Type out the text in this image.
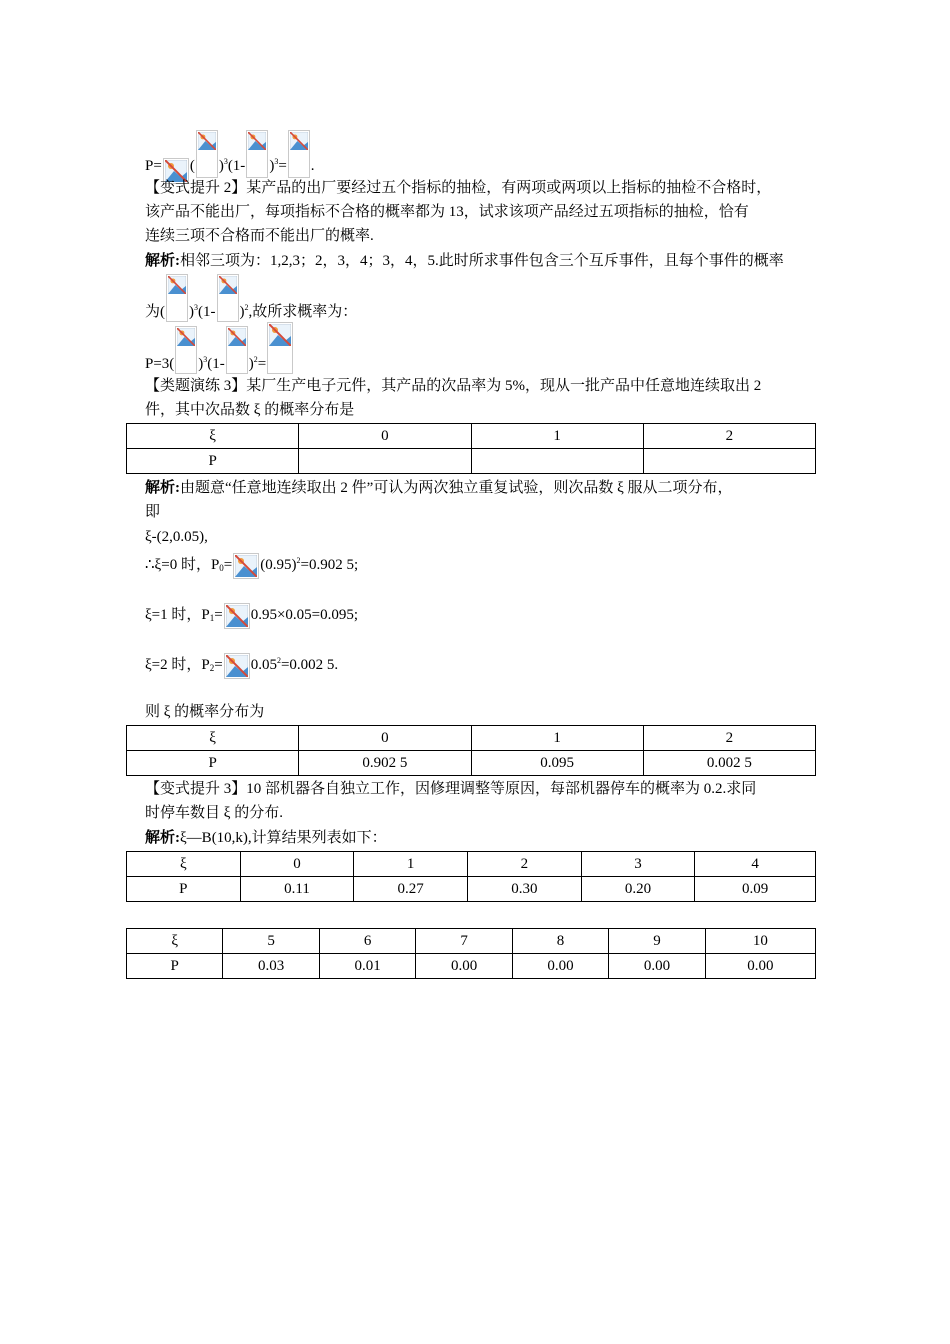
P= ( )$^3$(1- )$^3$= .
【变式提升 2】某产品的出厂要经过五个指标的抽检，有两项或两项以上指标的抽检不合格时，
该产品不能出厂，每项指标不合格的概率都为 13，试求该项产品经过五项指标的抽检，恰有
连续三项不合格而不能出厂的概率.
解析:相邻三项为：1,2,3；2，3，4；3，4，5.此时所求事件包含三个互斥事件，且每个事件的概率
为( )$^3$(1- )$^2$,故所求概率为：
P=3( )$^3$(1- )$^2$=
【类题演练 3】某厂生产电子元件，其产品的次品率为 5%，现从一批产品中任意地连续取出 2
件，其中次品数 ξ 的概率分布是
ξ	0	1	2
P			
解析:由题意“任意地连续取出 2 件”可认为两次独立重复试验，则次品数 ξ 服从二项分布，
即
ξ-(2,0.05),
∴ξ=0 时，$P_0= (0.95)^2=0.902$ 5;
ξ=1 时，$P_1= 0.95\times 0.05=0.095$;
ξ=2 时，$P_2= 0.05^2=0.002$ 5.
则 ξ 的概率分布为
ξ	0	1	2
P	0.902 5	0.095	0.002 5
【变式提升 3】10 部机器各自独立工作，因修理调整等原因，每部机器停车的概率为 0.2.求同
时停车数目 ξ 的分布.
解析:ξ—B(10,k),计算结果列表如下：
ξ	0	1	2	3	4
P	0.11	0.27	0.30	0.20	0.09
ξ	5	6	7	8	9	10
P	0.03	0.01	0.00	0.00	0.00	0.00
